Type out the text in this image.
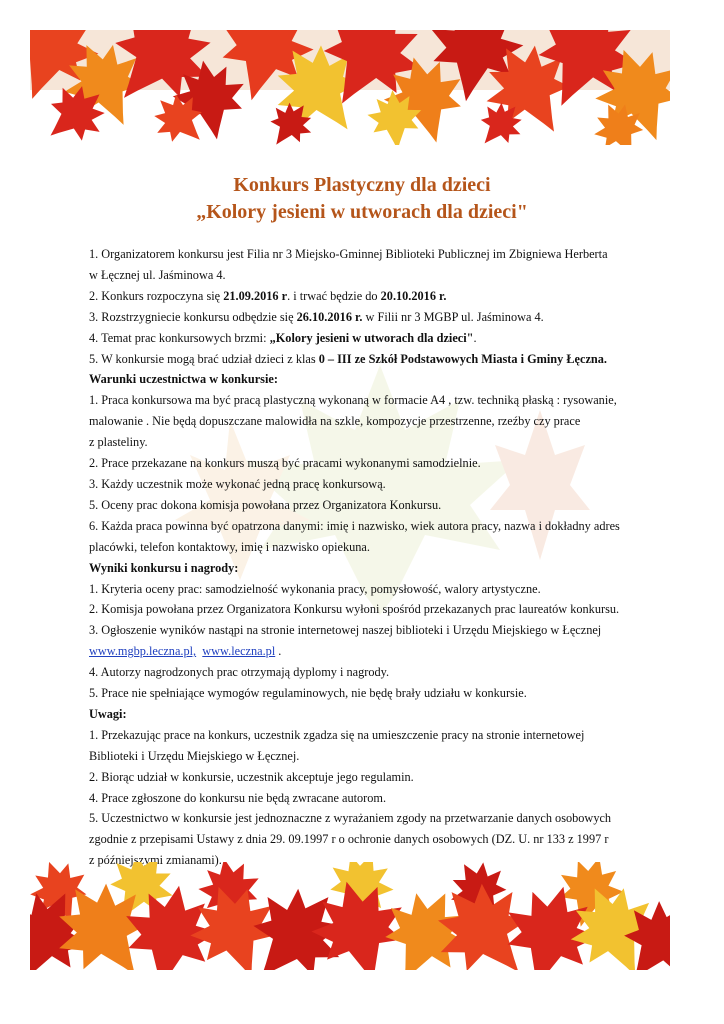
Konkurs Plastyczny dla dzieci
„Kolory jesieni w utworach dla dzieci"

1. Organizatorem konkursu jest Filia nr 3 Miejsko-Gminnej Biblioteki Publicznej im Zbigniewa Herberta

w Łęcznej ul. Jaśminowa 4.

2. Konkurs rozpoczyna się 21.09.2016 r. i trwać będzie do 20.10.2016 r.

3. Rozstrzygniecie konkursu odbędzie się 26.10.2016 r. w Filii nr 3 MGBP ul. Jaśminowa 4.

4. Temat prac konkursowych brzmi: „Kolory jesieni w utworach dla dzieci".

5. W konkursie mogą brać udział dzieci z klas 0 – III ze Szkół Podstawowych Miasta i Gminy Łęczna.

Warunki uczestnictwa w konkursie:

1. Praca konkursowa ma być pracą plastyczną wykonaną w formacie A4 , tzw. techniką płaską : rysowanie,

malowanie . Nie będą dopuszczane malowidła na szkle, kompozycje przestrzenne, rzeźby czy prace

z plasteliny.

2. Prace przekazane na konkurs muszą być pracami wykonanymi samodzielnie.

3. Każdy uczestnik może wykonać jedną pracę konkursową.

5. Oceny prac dokona komisja powołana przez Organizatora Konkursu.

6. Każda praca powinna być opatrzona danymi: imię i nazwisko, wiek autora pracy, nazwa i dokładny adres

placówki, telefon kontaktowy, imię i nazwisko opiekuna.

Wyniki konkursu i nagrody:

1. Kryteria oceny prac: samodzielność wykonania pracy, pomysłowość, walory artystyczne.

2. Komisja powołana przez Organizatora Konkursu wyłoni spośród przekazanych prac laureatów konkursu.

3. Ogłoszenie wyników nastąpi na stronie internetowej naszej biblioteki i Urzędu Miejskiego w Łęcznej

www.mgbp.leczna.pl, www.leczna.pl .

4. Autorzy nagrodzonych prac otrzymają dyplomy i nagrody.

5. Prace nie spełniające wymogów regulaminowych, nie będę brały udziału w konkursie.

Uwagi:

1. Przekazując prace na konkurs, uczestnik zgadza się na umieszczenie pracy na stronie internetowej

Biblioteki i Urzędu Miejskiego w Łęcznej.

2. Biorąc udział w konkursie, uczestnik akceptuje jego regulamin.

4. Prace zgłoszone do konkursu nie będą zwracane autorom.

5. Uczestnictwo w konkursie jest jednoznaczne z wyrażaniem zgody na przetwarzanie danych osobowych

zgodnie z przepisami Ustawy z dnia 29. 09.1997 r o ochronie danych osobowych (DZ. U. nr 133 z 1997 r

z późniejszymi zmianami).
